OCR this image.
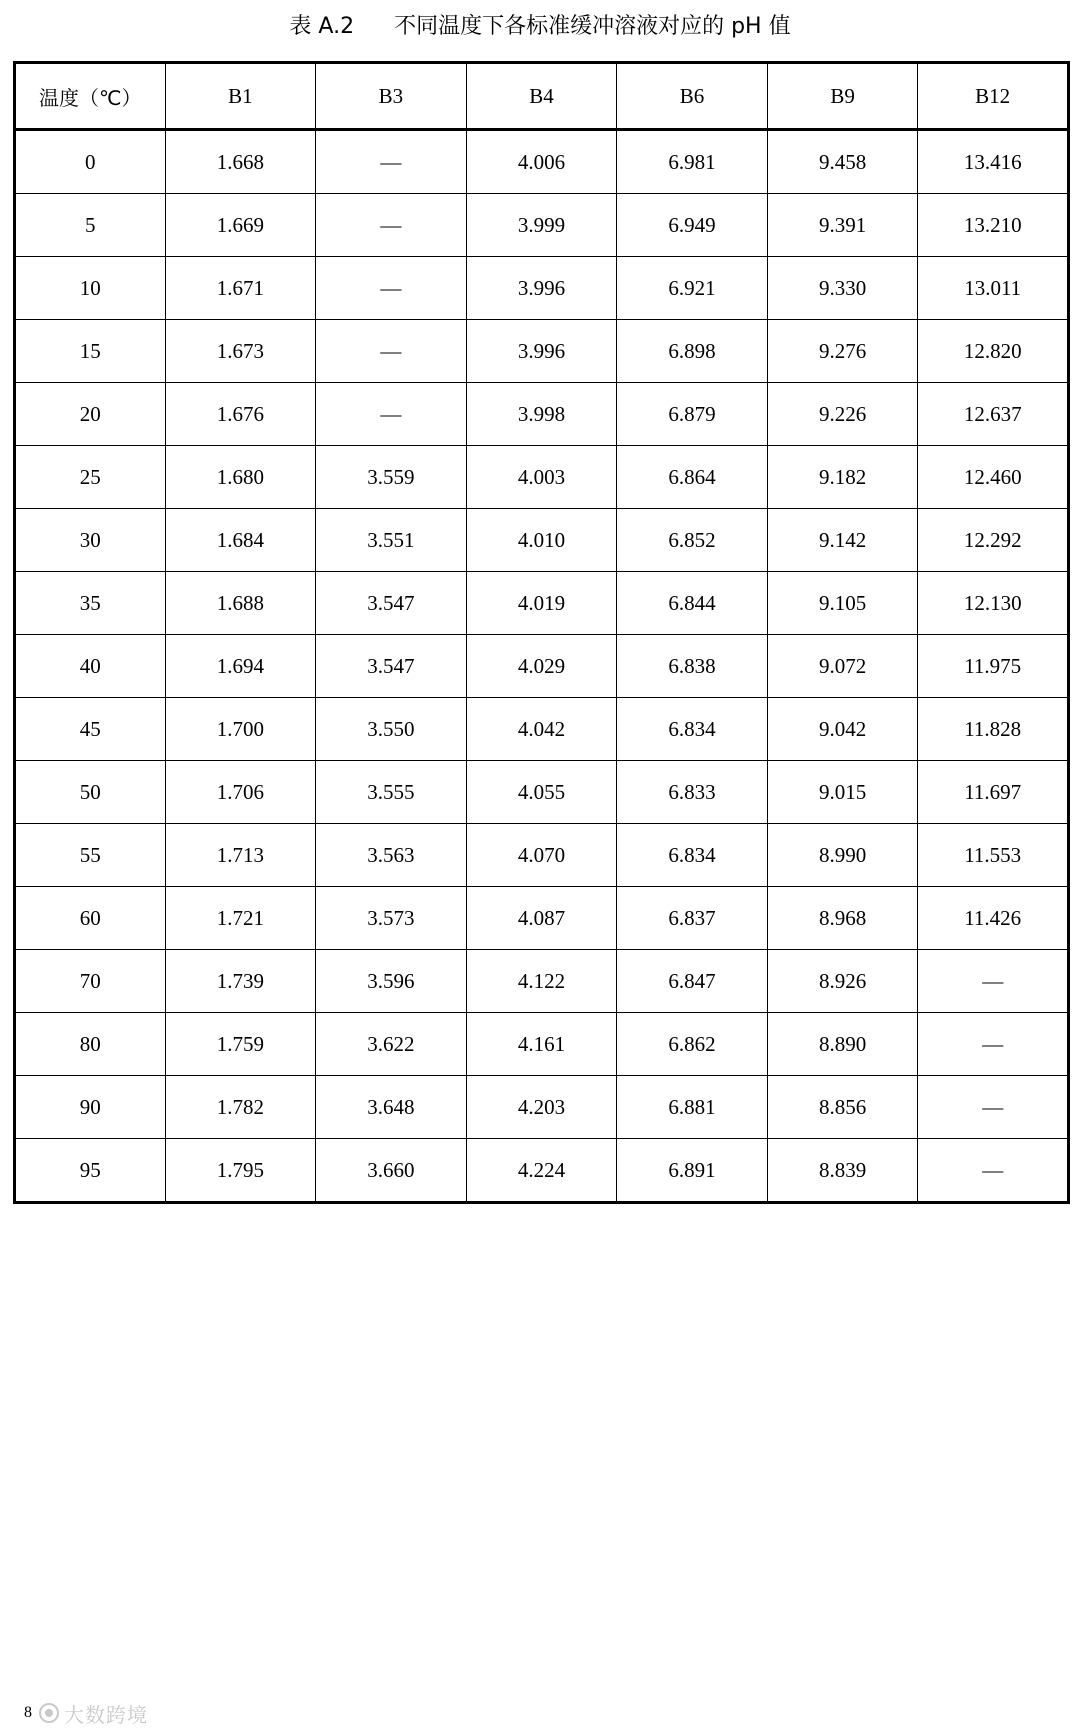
表 A.2 不同温度下各标准缓冲溶液对应的 pH 值
温度（℃）	B1	B3	B4	B6	B9	B12
0	1.668	—	4.006	6.981	9.458	13.416
5	1.669	—	3.999	6.949	9.391	13.210
10	1.671	—	3.996	6.921	9.330	13.011
15	1.673	—	3.996	6.898	9.276	12.820
20	1.676	—	3.998	6.879	9.226	12.637
25	1.680	3.559	4.003	6.864	9.182	12.460
30	1.684	3.551	4.010	6.852	9.142	12.292
35	1.688	3.547	4.019	6.844	9.105	12.130
40	1.694	3.547	4.029	6.838	9.072	11.975
45	1.700	3.550	4.042	6.834	9.042	11.828
50	1.706	3.555	4.055	6.833	9.015	11.697
55	1.713	3.563	4.070	6.834	8.990	11.553
60	1.721	3.573	4.087	6.837	8.968	11.426
70	1.739	3.596	4.122	6.847	8.926	—
80	1.759	3.622	4.161	6.862	8.890	—
90	1.782	3.648	4.203	6.881	8.856	—
95	1.795	3.660	4.224	6.891	8.839	—
8 大数跨境
